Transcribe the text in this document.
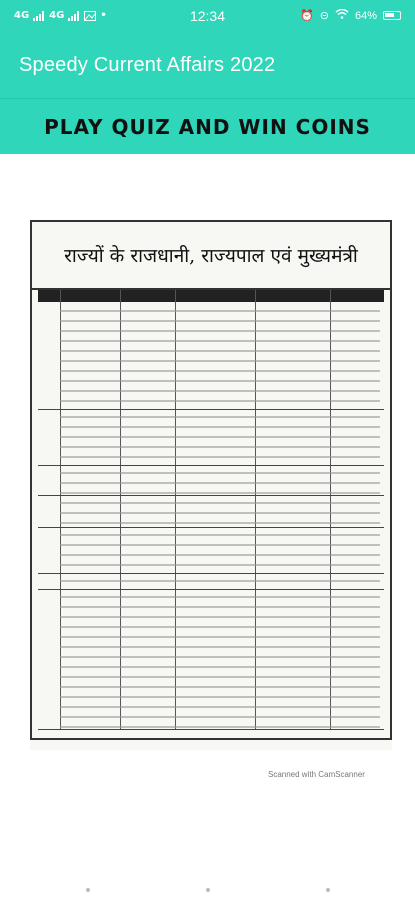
4G 4G	•	12:34	⏰ ⊝ 64%
Speedy Current Affairs 2022
PLAY QUIZ AND WIN COINS
राज्यों के राजधानी, राज्यपाल एवं मुख्यमंत्री
Scanned with CamScanner
